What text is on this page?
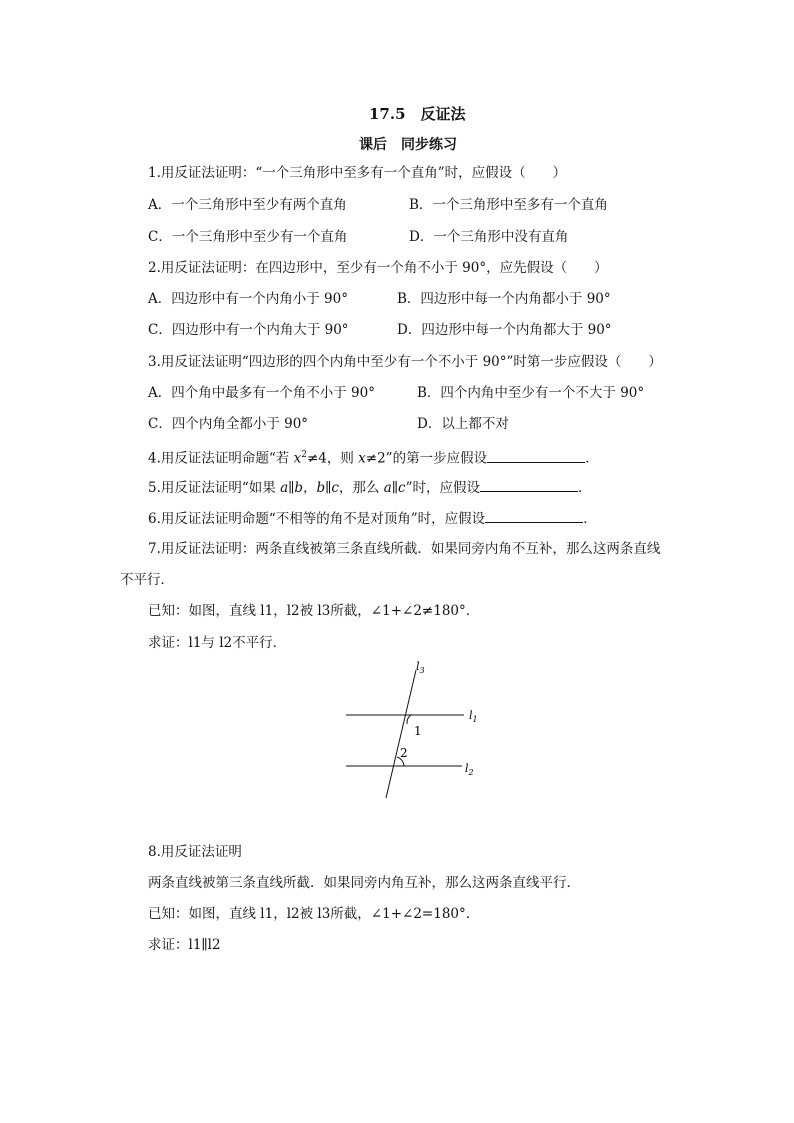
17.5　反证法
课后　同步练习
1.用反证法证明：“一个三角形中至多有一个直角”时，应假设（　　）
A．一个三角形中至少有两个直角	B．一个三角形中至多有一个直角
C．一个三角形中至少有一个直角	D．一个三角形中没有直角
2.用反证法证明：在四边形中，至少有一个角不小于 90°，应先假设（　　）
A．四边形中有一个内角小于 90°	B．四边形中每一个内角都小于 90°
C．四边形中有一个内角大于 90°	D．四边形中每一个内角都大于 90°
3.用反证法证明“四边形的四个内角中至少有一个不小于 90°”时第一步应假设（　　）
A．四个角中最多有一个角不小于 90°	B．四个内角中至少有一个不大于 90°
C．四个内角全都小于 90°	D．以上都不对
4.用反证法证明命题“若 $x^2\ne 4$，则 x≠2”的第一步应假设	．
5.用反证法证明“如果 a∥b，b∥c，那么 a∥c”时，应假设	．
6.用反证法证明命题“不相等的角不是对顶角”时，应假设	．
7.用反证法证明：两条直线被第三条直线所截．如果同旁内角不互补，那么这两条直线
不平行．
已知：如图，直线 l1，l2被 l3所截，∠1+∠2≠180°．
求证：l1与 l2不平行．
$l_3$
$l_1$
$l_2$
1
2
8.用反证法证明
两条直线被第三条直线所截．如果同旁内角互补，那么这两条直线平行．
已知：如图，直线 l1，l2被 l3所截，∠1+∠2=180°．
求证：l1∥l2
